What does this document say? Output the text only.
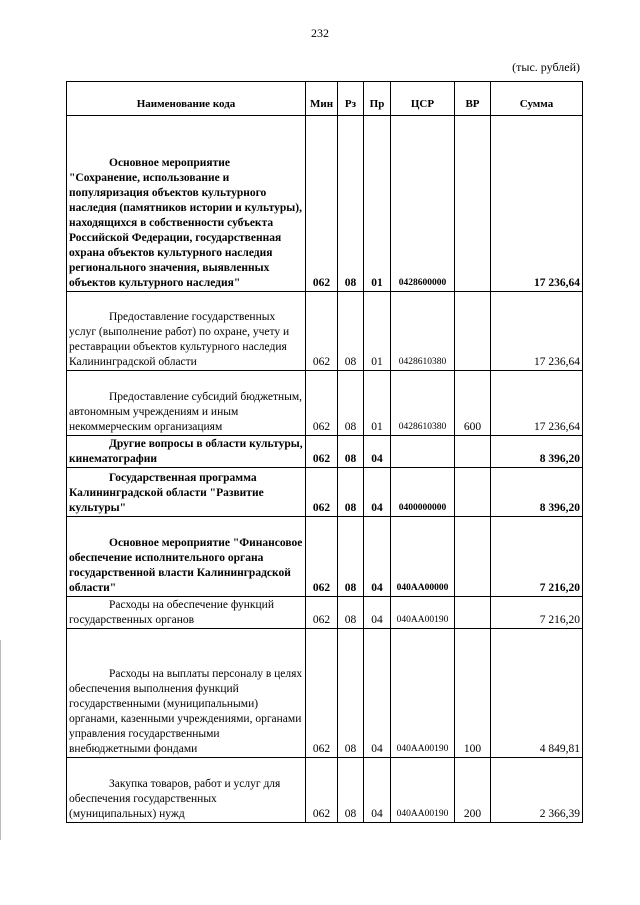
232
(тыс. рублей)
Наименование кода	Мин	Рз	Пр	ЦСР	ВР	Сумма
Основное мероприятие "Сохранение, использование и популяризация объектов культурного наследия (памятников истории и культуры), находящихся в собственности субъекта Российской Федерации, государственная охрана объектов культурного наследия регионального значения, выявленных объектов культурного наследия"	062	08	01	0428600000		17 236,64
Предоставление государственных услуг (выполнение работ) по охране, учету и реставрации объектов культурного наследия Калининградской области	062	08	01	0428610380		17 236,64
Предоставление субсидий бюджетным, автономным учреждениям и иным некоммерческим организациям	062	08	01	0428610380	600	17 236,64
Другие вопросы в области культуры, кинематографии	062	08	04			8 396,20
Государственная программа Калининградской области "Развитие культуры"	062	08	04	0400000000		8 396,20
Основное мероприятие "Финансовое обеспечение исполнительного органа государственной власти Калининградской области"	062	08	04	040АА00000		7 216,20
Расходы на обеспечение функций государственных органов	062	08	04	040АА00190		7 216,20
Расходы на выплаты персоналу в целях обеспечения выполнения функций государственными (муниципальными) органами, казенными учреждениями, органами управления государственными внебюджетными фондами	062	08	04	040АА00190	100	4 849,81
Закупка товаров, работ и услуг для обеспечения государственных (муниципальных) нужд	062	08	04	040АА00190	200	2 366,39
